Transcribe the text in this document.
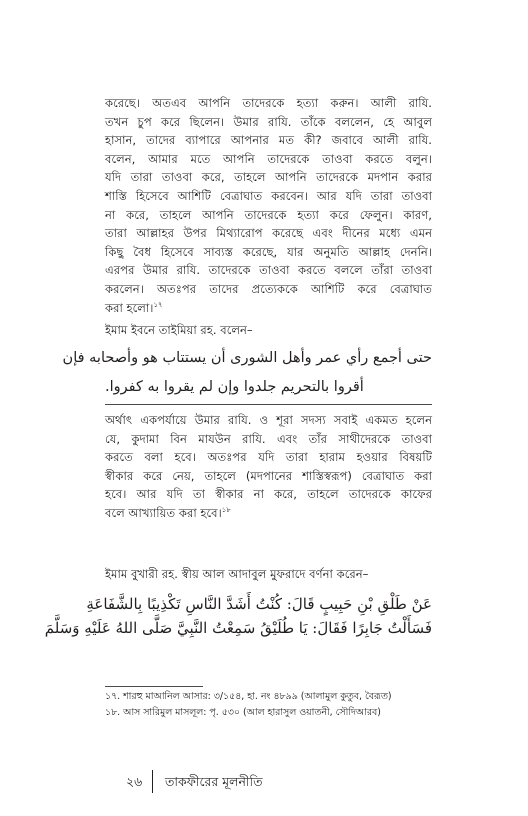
করেছে। অতএব আপনি তাদেরকে হত্যা করুন। আলী রাযি.
তখন চুপ করে ছিলেন। উমার রাযি. তাঁকে বললেন, হে আবুল
হাসান, তাদের ব্যাপারে আপনার মত কী? জবাবে আলী রাযি.
বলেন, আমার মতে আপনি তাদেরকে তাওবা করতে বলুন।
যদি তারা তাওবা করে, তাহলে আপনি তাদেরকে মদপান করার
শাস্তি হিসেবে আশিটি বেত্রাঘাত করবেন। আর যদি তারা তাওবা
না করে, তাহলে আপনি তাদেরকে হত্যা করে ফেলুন। কারণ,
তারা আল্লাহর উপর মিথ্যারোপ করেছে এবং দীনের মধ্যে এমন
কিছু বৈধ হিসেবে সাব্যস্ত করেছে, যার অনুমতি আল্লাহ দেননি।
এরপর উমার রাযি. তাদেরকে তাওবা করতে বললে তাঁরা তাওবা
করলেন। অতঃপর তাদের প্রত্যেককে আশিটি করে বেত্রাঘাত
করা হলো।$^{১৭}$
ইমাম ইবনে তাইমিয়া রহ. বলেন–
حتى أجمع رأي عمر وأهل الشورى أن يستتاب هو وأصحابه فإن
أقروا بالتحريم جلدوا وإن لم يقروا به كفروا.
অর্থাৎ একপর্যায়ে উমার রাযি. ও শূরা সদস্য সবাই একমত হলেন
যে, কুদামা বিন মাযউন রাযি. এবং তাঁর সাথীদেরকে তাওবা
করতে বলা হবে। অতঃপর যদি তারা হারাম হওয়ার বিষয়টি
স্বীকার করে নেয়, তাহলে (মদপানের শাস্তিস্বরূপ) বেত্রাঘাত করা
হবে। আর যদি তা স্বীকার না করে, তাহলে তাদেরকে কাফের
বলে আখ্যায়িত করা হবে।$^{১৮}$
ইমাম বুখারী রহ. স্বীয় আল আদাবুল মুফরাদে বর্ণনা করেন–
عَنْ طَلْقِ بْنِ حَبِيبٍ قَالَ: كُنْتُ أَشَدَّ النَّاسِ تَكْذِيبًا بِالشَّفَاعَةِ
فَسَأَلْتُ جَابِرًا فَقَالَ: يَا طُلَيْقُ سَمِعْتُ النَّبِيَّ صَلَّى اللهُ عَلَيْهِ وَسَلَّمَ
১৭. শারহু মাআনিল আসার: ৩/১৫৪, হা. নং ৪৮৯৯ (আলামুল কুতুব, বৈরূত)
১৮. আস সারিমুল মাসলূল: পৃ. ৫৩০ (আল হারাসুল ওয়াতনী, সৌদিআরব)
২৬ তাকফীরের মূলনীতি
